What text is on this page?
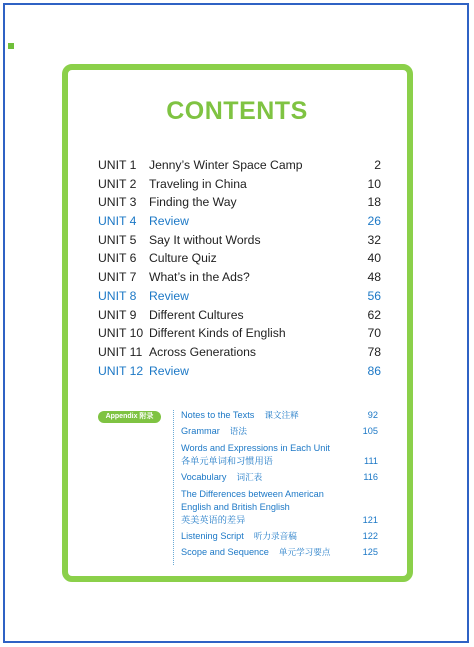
CONTENTS
UNIT 1 Jenny’s Winter Space Camp	2
UNIT 2 Traveling in China	10
UNIT 3 Finding the Way	18
UNIT 4 Review	26
UNIT 5 Say It without Words	32
UNIT 6 Culture Quiz	40
UNIT 7 What’s in the Ads?	48
UNIT 8 Review	56
UNIT 9 Different Cultures	62
UNIT 10 Different Kinds of English	70
UNIT 11 Across Generations	78
UNIT 12 Review	86
Appendix 附录	Notes to the Texts 课文注释	92
Grammar 语法	105
Words and Expressions in Each Unit
各单元单词和习惯用语	111
Vocabulary 词汇表	116
The Differences between American
English and British English
英美英语的差异	121
Listening Script 听力录音稿	122
Scope and Sequence 单元学习要点	125
